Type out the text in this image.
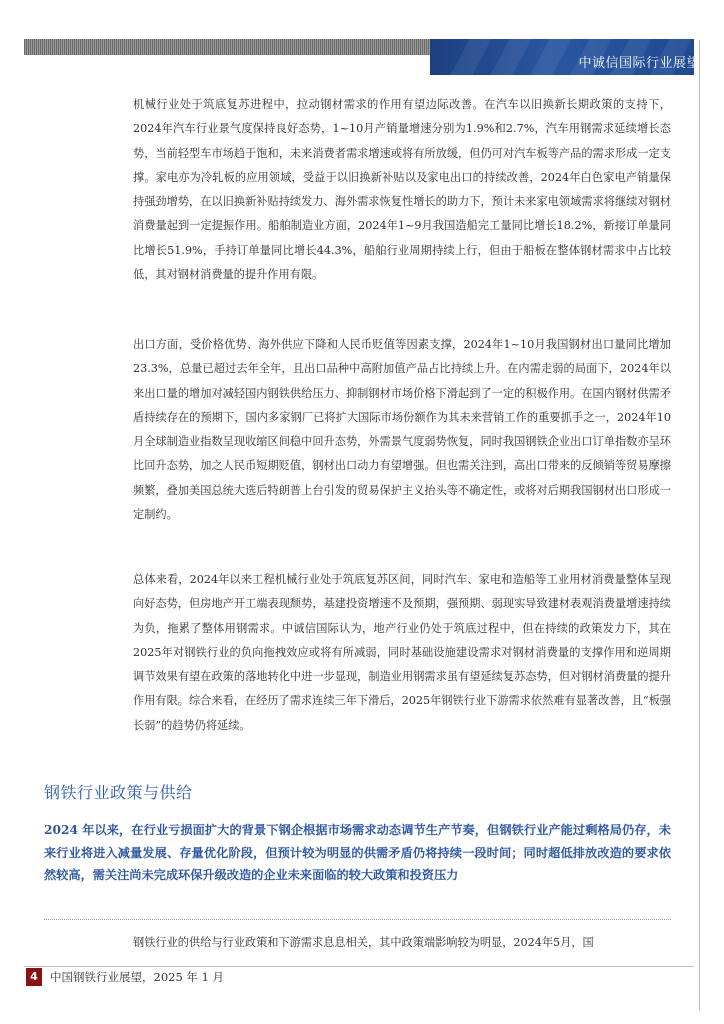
中诚信国际行业展望

机械行业处于筑底复苏进程中，拉动钢材需求的作用有望边际改善。在汽车以旧换新长期政策的支持下，2024年汽车行业景气度保持良好态势，1~10月产销量增速分别为1.9%和2.7%，汽车用钢需求延续增长态势，当前轻型车市场趋于饱和，未来消费者需求增速或将有所放缓，但仍可对汽车板等产品的需求形成一定支撑。家电亦为冷轧板的应用领域，受益于以旧换新补贴以及家电出口的持续改善，2024年白色家电产销量保持强劲增势，在以旧换新补贴持续发力、海外需求恢复性增长的助力下，预计未来家电领域需求将继续对钢材消费量起到一定提振作用。船舶制造业方面，2024年1~9月我国造船完工量同比增长18.2%，新接订单量同比增长51.9%，手持订单量同比增长44.3%，船舶行业周期持续上行，但由于船板在整体钢材需求中占比较低，其对钢材消费量的提升作用有限。

出口方面，受价格优势、海外供应下降和人民币贬值等因素支撑，2024年1~10月我国钢材出口量同比增加23.3%，总量已超过去年全年，且出口品种中高附加值产品占比持续上升。在内需走弱的局面下，2024年以来出口量的增加对减轻国内钢铁供给压力、抑制钢材市场价格下滑起到了一定的积极作用。在国内钢材供需矛盾持续存在的预期下，国内多家钢厂已将扩大国际市场份额作为其未来营销工作的重要抓手之一，2024年10月全球制造业指数呈现收缩区间稳中回升态势，外需景气度弱势恢复，同时我国钢铁企业出口订单指数亦呈环比回升态势，加之人民币短期贬值，钢材出口动力有望增强。但也需关注到，高出口带来的反倾销等贸易摩擦频繁，叠加美国总统大选后特朗普上台引发的贸易保护主义抬头等不确定性，或将对后期我国钢材出口形成一定制约。

总体来看，2024年以来工程机械行业处于筑底复苏区间，同时汽车、家电和造船等工业用材消费量整体呈现向好态势，但房地产开工端表现颓势，基建投资增速不及预期，强预期、弱现实导致建材表观消费量增速持续为负，拖累了整体用钢需求。中诚信国际认为，地产行业仍处于筑底过程中，但在持续的政策发力下，其在2025年对钢铁行业的负向拖拽效应或将有所减弱，同时基础设施建设需求对钢材消费量的支撑作用和逆周期调节效果有望在政策的落地转化中进一步显现，制造业用钢需求虽有望延续复苏态势，但对钢材消费量的提升作用有限。综合来看，在经历了需求连续三年下滑后，2025年钢铁行业下游需求依然难有显著改善，且“板强长弱”的趋势仍将延续。

钢铁行业政策与供给
2024 年以来，在行业亏损面扩大的背景下钢企根据市场需求动态调节生产节奏，但钢铁行业产能过剩格局仍存，未来行业将进入减量发展、存量优化阶段，但预计较为明显的供需矛盾仍将持续一段时间；同时超低排放改造的要求依然较高，需关注尚未完成环保升级改造的企业未来面临的较大政策和投资压力
钢铁行业的供给与行业政策和下游需求息息相关，其中政策端影响较为明显，2024年5月，国
4	中国钢铁行业展望，2025 年 1 月
